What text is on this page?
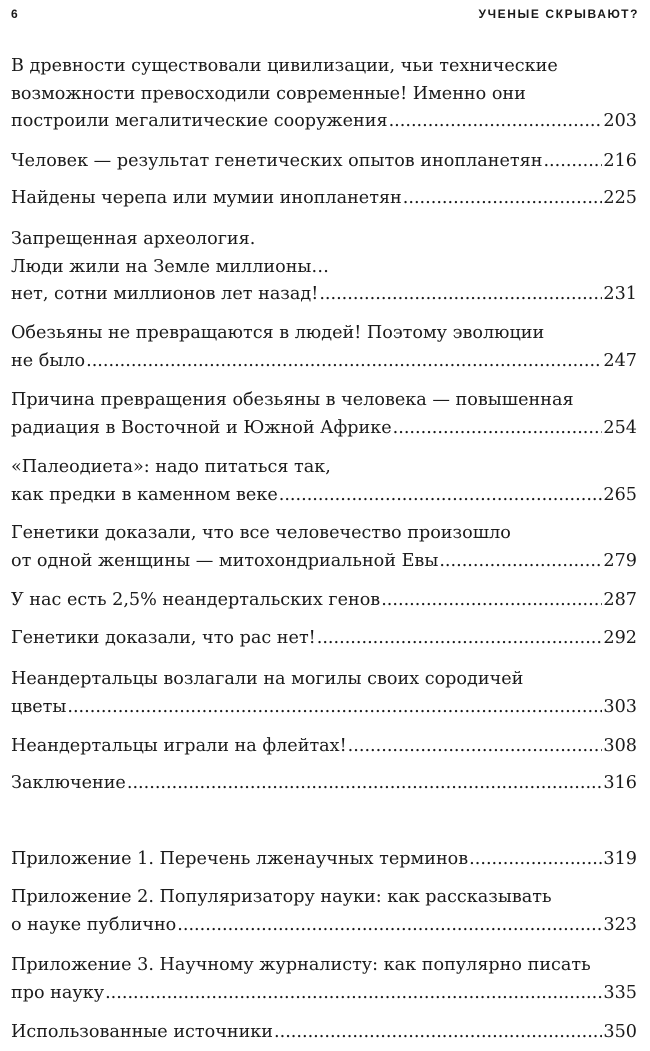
6	УЧЕНЫЕ СКРЫВАЮТ?
В древности существовали цивилизации, чьи технические
возможности превосходили современные! Именно они
построили мегалитические сооружения .....	203
Человек — результат генетических опытов инопланетян .....	216
Найдены черепа или мумии инопланетян .....	225
Запрещенная археология.
Люди жили на Земле миллионы…
нет, сотни миллионов лет назад! .....	231
Обезьяны не превращаются в людей! Поэтому эволюции
не было .....	247
Причина превращения обезьяны в человека — повышенная
радиация в Восточной и Южной Африке .....	254
«Палеодиета»: надо питаться так,
как предки в каменном веке .....	265
Генетики доказали, что все человечество произошло
от одной женщины — митохондриальной Евы .....	279
У нас есть 2,5% неандертальских генов .....	287
Генетики доказали, что рас нет! .....	292
Неандертальцы возлагали на могилы своих сородичей
цветы .....	303
Неандертальцы играли на флейтах! .....	308
Заключение .....	316
Приложение 1. Перечень лженаучных терминов .....	319
Приложение 2. Популяризатору науки: как рассказывать
о науке публично .....	323
Приложение 3. Научному журналисту: как популярно писать
про науку .....	335
Использованные источники .....	350
